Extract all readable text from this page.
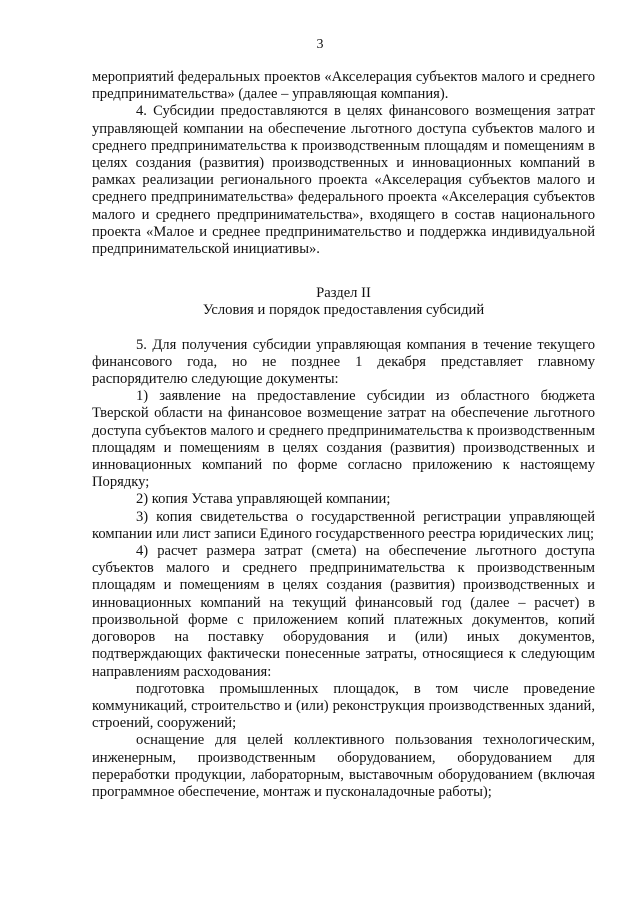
3

мероприятий федеральных проектов «Акселерация субъектов малого и среднего предпринимательства» (далее – управляющая компания).

4. Субсидии предоставляются в целях финансового возмещения затрат управляющей компании на обеспечение льготного доступа субъектов малого и среднего предпринимательства к производственным площадям и помещениям в целях создания (развития) производственных и инновационных компаний в рамках реализации регионального проекта «Акселерация субъектов малого и среднего предпринимательства» федерального проекта «Акселерация субъектов малого и среднего предпринимательства», входящего в состав национального проекта «Малое и среднее предпринимательство и поддержка индивидуальной предпринимательской инициативы».

Раздел II

Условия и порядок предоставления субсидий

5. Для получения субсидии управляющая компания в течение текущего финансового года, но не позднее 1 декабря представляет главному распорядителю следующие документы:

1) заявление на предоставление субсидии из областного бюджета Тверской области на финансовое возмещение затрат на обеспечение льготного доступа субъектов малого и среднего предпринимательства к производственным площадям и помещениям в целях создания (развития) производственных и инновационных компаний по форме согласно приложению к настоящему Порядку;

2) копия Устава управляющей компании;

3) копия свидетельства о государственной регистрации управляющей компании или лист записи Единого государственного реестра юридических лиц;

4) расчет размера затрат (смета) на обеспечение льготного доступа субъектов малого и среднего предпринимательства к производственным площадям и помещениям в целях создания (развития) производственных и инновационных компаний на текущий финансовый год (далее – расчет) в произвольной форме с приложением копий платежных документов, копий договоров на поставку оборудования и (или) иных документов, подтверждающих фактически понесенные затраты, относящиеся к следующим направлениям расходования:

подготовка промышленных площадок, в том числе проведение коммуникаций, строительство и (или) реконструкция производственных зданий, строений, сооружений;

оснащение для целей коллективного пользования технологическим, инженерным, производственным оборудованием, оборудованием для переработки продукции, лабораторным, выставочным оборудованием (включая программное обеспечение, монтаж и пусконаладочные работы);
